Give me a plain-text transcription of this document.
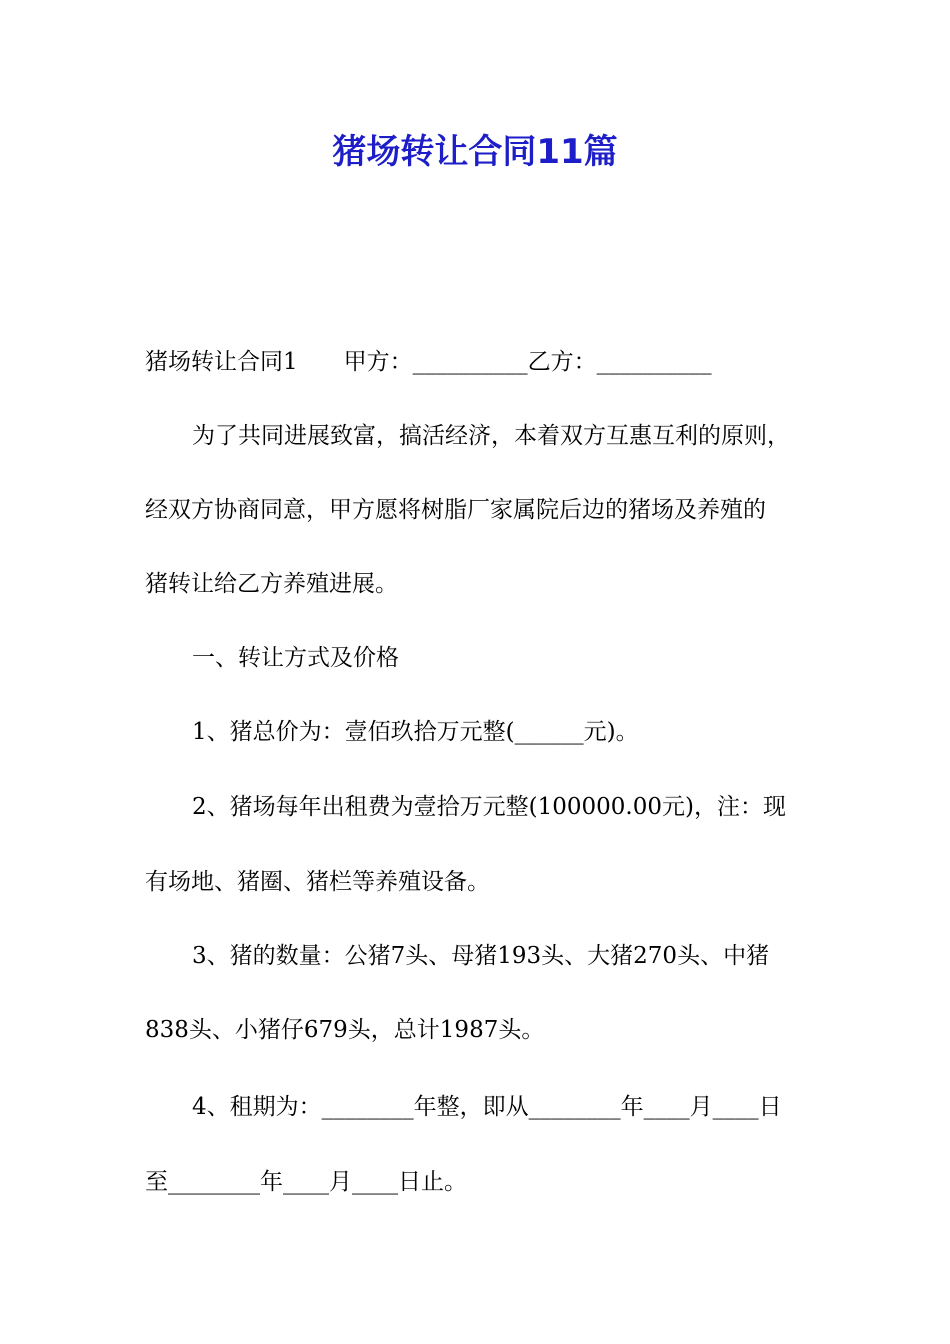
猪场转让合同11篇
猪场转让合同1　　甲方：__________乙方：__________
为了共同进展致富，搞活经济，本着双方互惠互利的原则，
经双方协商同意，甲方愿将树脂厂家属院后边的猪场及养殖的
猪转让给乙方养殖进展。
一、转让方式及价格
1、猪总价为：壹佰玖拾万元整(______元)。
2、猪场每年出租费为壹拾万元整(100000.00元)，注：现
有场地、猪圈、猪栏等养殖设备。
3、猪的数量：公猪7头、母猪193头、大猪270头、中猪
838头、小猪仔679头，总计1987头。
4、租期为：________年整，即从________年____月____日
至________年____月____日止。
